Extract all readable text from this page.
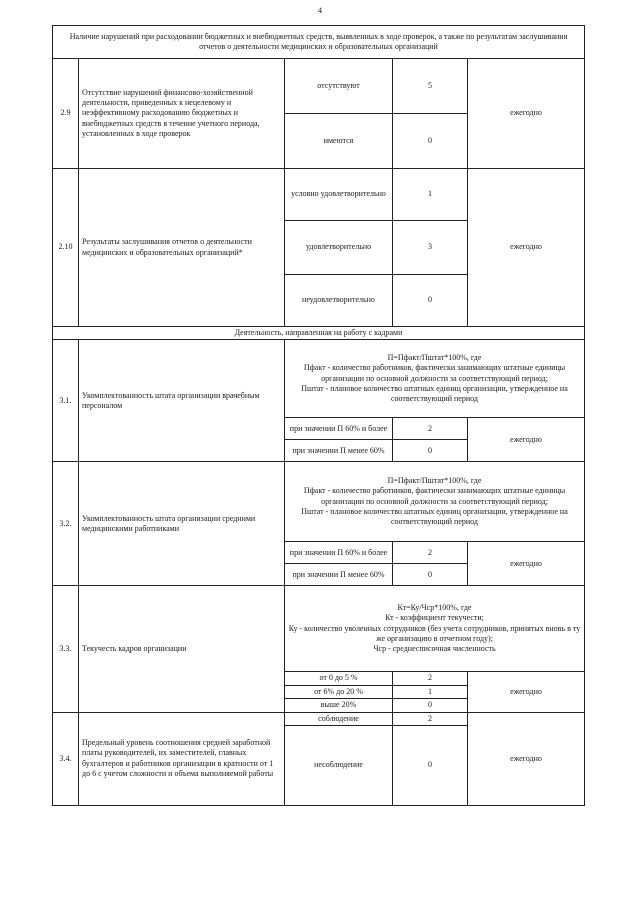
4
Наличие нарушений при расходовании бюджетных и внебюджетных средств, выявленных в ходе проверок, а также по результатам заслушивания отчетов о деятельности медицинских и образовательных организаций				
2.9	Отсутствие нарушений финансово-хозяйственной деятельности, приведенных к нецелевому и неэффективному расходованию бюджетных и внебюджетных средств в течение учетного периода, установленных в ходе проверок	отсутствуют	5	ежегодно
		имеются	0	
2.10	Результаты заслушивания отчетов о деятельности медицинских и образовательных организаций*	условно удовлетворительно	1	ежегодно
		удовлетворительно	3	
		неудовлетворительно	0	
Деятельность, направленная на работу с кадрами				
3.1.	Укомплектованность штата организации врачебным персоналом	П=Пфакт/Пштат*100%, где
Пфакт - количество работников, фактически занимающих штатные единицы организации по основной должности за соответствующий период;
Пштат - плановое количество штатных единиц организации, утвержденное на соответствующий период		

		при значении П 60% и более	2	ежегодно
		при значении П менее 60%	0	
3.2.	Укомплектованность штата организации средними медицинскими работниками	П=Пфакт/Пштат*100%, где
Пфакт - количество работников, фактически занимающих штатные единицы организации по основной должности за соответствующий период;
Пштат - плановое количество штатных единиц организации, утвержденное на соответствующий период		

		при значении П 60% и более	2	ежегодно
		при значении П менее 60%	0	
3.3.	Текучесть кадров организации	Кт=Ку/Чср*100%, где
Кт - коэффициент текучести;
Ку - количество уволенных сотрудников (без учета сотрудников, принятых вновь в ту же организацию в отчетном году);
Чср - среднесписочная численность		

		от 0 до 5 %	2	ежегодно
		от 6% до 20 %	1	
		выше 20%	0	
3.4.	Предельный уровень соотношения средней заработной платы руководителей, их заместителей, главных бухгалтеров и работников организации в кратности от 1 до 6 с учетом сложности и объема выполняемой работы	соблюдение	2	ежегодно
		несоблюдение	0	
